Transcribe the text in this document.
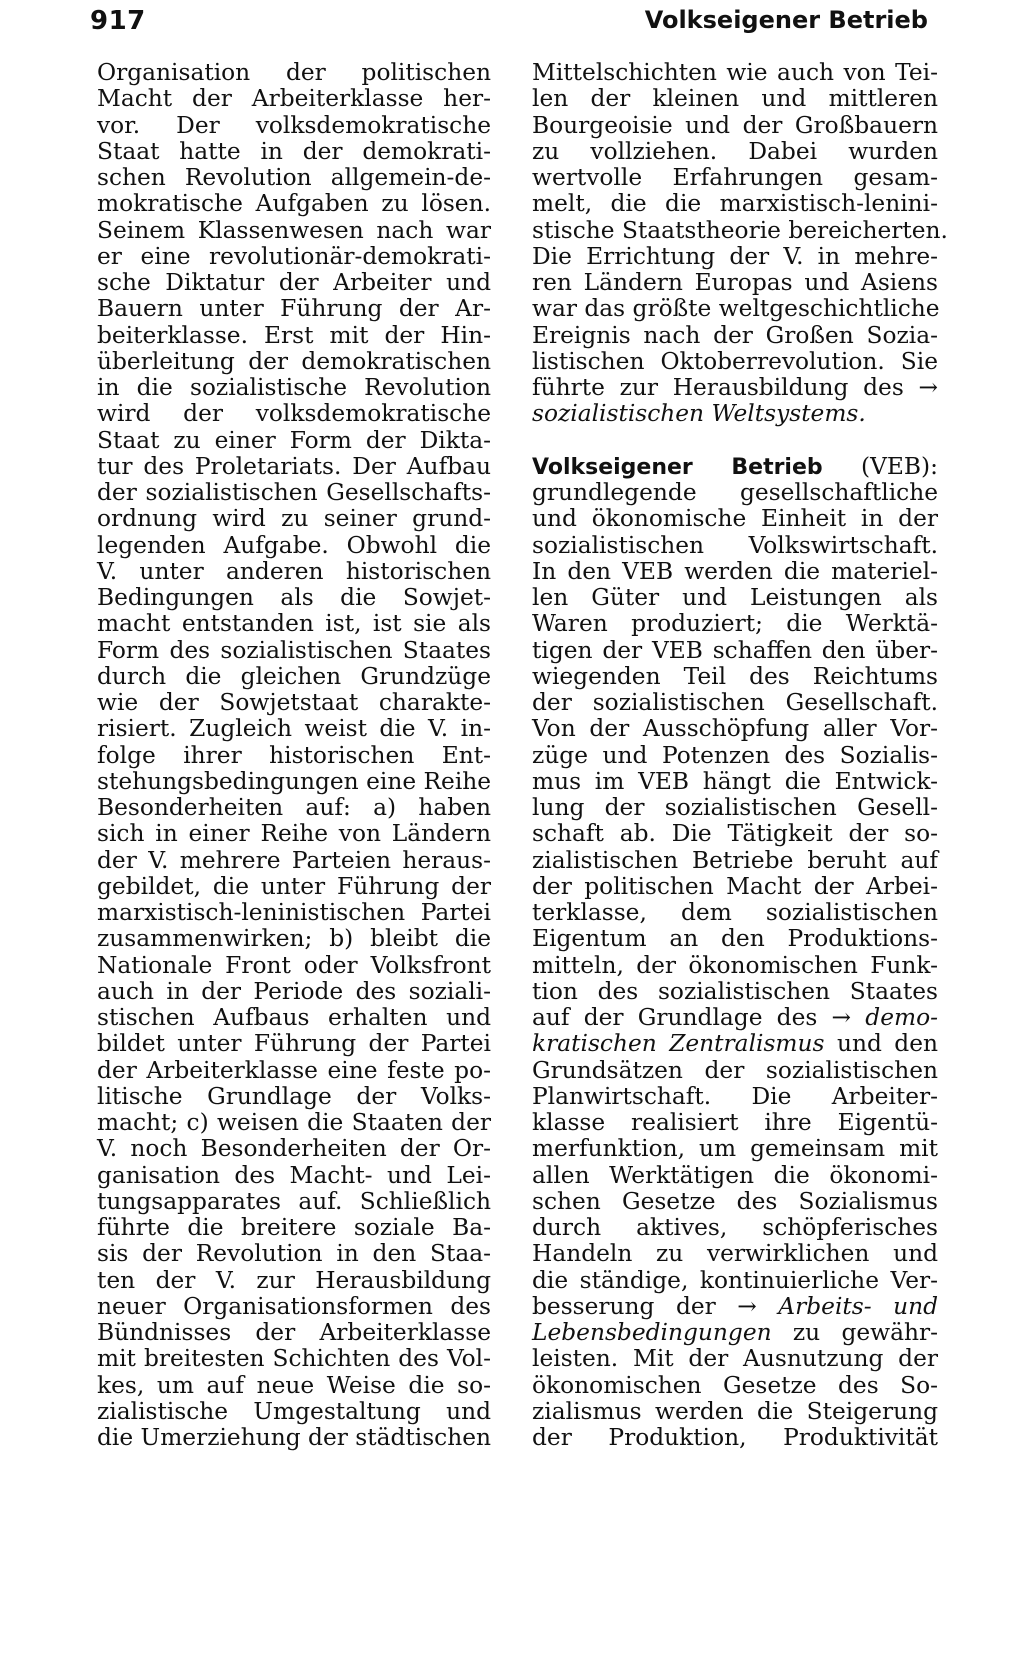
917	Volkseigener Betrieb
Organisation der politischen
Macht der Arbeiterklasse her-
vor. Der volksdemokratische
Staat hatte in der demokrati-
schen Revolution allgemein-de-
mokratische Aufgaben zu lösen.
Seinem Klassenwesen nach war
er eine revolutionär-demokrati-
sche Diktatur der Arbeiter und
Bauern unter Führung der Ar-
beiterklasse. Erst mit der Hin-
überleitung der demokratischen
in die sozialistische Revolution
wird der volksdemokratische
Staat zu einer Form der Dikta-
tur des Proletariats. Der Aufbau
der sozialistischen Gesellschafts-
ordnung wird zu seiner grund-
legenden Aufgabe. Obwohl die
V. unter anderen historischen
Bedingungen als die Sowjet-
macht entstanden ist, ist sie als
Form des sozialistischen Staates
durch die gleichen Grundzüge
wie der Sowjetstaat charakte-
risiert. Zugleich weist die V. in-
folge ihrer historischen Ent-
stehungsbedingungen eine Reihe
Besonderheiten auf: a) haben
sich in einer Reihe von Ländern
der V. mehrere Parteien heraus-
gebildet, die unter Führung der
marxistisch-leninistischen Partei
zusammenwirken; b) bleibt die
Nationale Front oder Volksfront
auch in der Periode des soziali-
stischen Aufbaus erhalten und
bildet unter Führung der Partei
der Arbeiterklasse eine feste po-
litische Grundlage der Volks-
macht; c) weisen die Staaten der
V. noch Besonderheiten der Or-
ganisation des Macht- und Lei-
tungsapparates auf. Schließlich
führte die breitere soziale Ba-
sis der Revolution in den Staa-
ten der V. zur Herausbildung
neuer Organisationsformen des
Bündnisses der Arbeiterklasse
mit breitesten Schichten des Vol-
kes, um auf neue Weise die so-
zialistische Umgestaltung und
die Umerziehung der städtischen
Mittelschichten wie auch von Tei-
len der kleinen und mittleren
Bourgeoisie und der Großbauern
zu vollziehen. Dabei wurden
wertvolle Erfahrungen gesam-
melt, die die marxistisch-lenini-
stische Staatstheorie bereicherten.
Die Errichtung der V. in mehre-
ren Ländern Europas und Asiens
war das größte weltgeschichtliche
Ereignis nach der Großen Sozia-
listischen Oktoberrevolution. Sie
führte zur Herausbildung des →
sozialistischen Weltsystems.
Volkseigener Betrieb (VEB):
grundlegende gesellschaftliche
und ökonomische Einheit in der
sozialistischen Volkswirtschaft.
In den VEB werden die materiel-
len Güter und Leistungen als
Waren produziert; die Werktä-
tigen der VEB schaffen den über-
wiegenden Teil des Reichtums
der sozialistischen Gesellschaft.
Von der Ausschöpfung aller Vor-
züge und Potenzen des Sozialis-
mus im VEB hängt die Entwick-
lung der sozialistischen Gesell-
schaft ab. Die Tätigkeit der so-
zialistischen Betriebe beruht auf
der politischen Macht der Arbei-
terklasse, dem sozialistischen
Eigentum an den Produktions-
mitteln, der ökonomischen Funk-
tion des sozialistischen Staates
auf der Grundlage des → demo-
kratischen Zentralismus und den
Grundsätzen der sozialistischen
Planwirtschaft. Die Arbeiter-
klasse realisiert ihre Eigentü-
merfunktion, um gemeinsam mit
allen Werktätigen die ökonomi-
schen Gesetze des Sozialismus
durch aktives, schöpferisches
Handeln zu verwirklichen und
die ständige, kontinuierliche Ver-
besserung der → Arbeits- und
Lebensbedingungen zu gewähr-
leisten. Mit der Ausnutzung der
ökonomischen Gesetze des So-
zialismus werden die Steigerung
der Produktion, Produktivität
